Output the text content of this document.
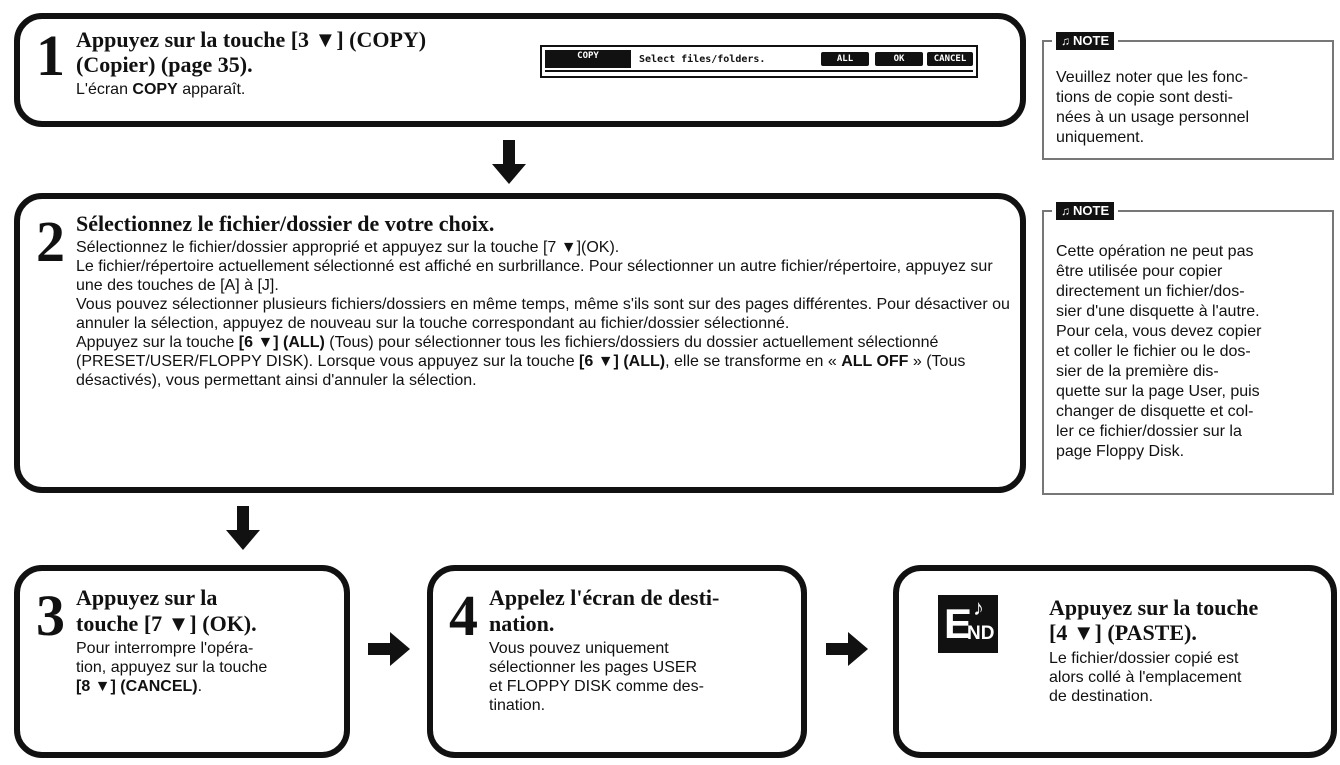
1 Appuyez sur la touche [3 ▼] (COPY)
(Copier) (page 35).
L'écran COPY apparaît.
COPY	Select files/folders.	ALL	OK	CANCEL
2 Sélectionnez le fichier/dossier de votre choix.
Sélectionnez le fichier/dossier approprié et appuyez sur la touche [7 ▼](OK).
Le fichier/répertoire actuellement sélectionné est affiché en surbrillance. Pour sélectionner un autre fichier/répertoire, appuyez sur une des touches de [A] à [J].
Vous pouvez sélectionner plusieurs fichiers/dossiers en même temps, même s'ils sont sur des pages différentes. Pour désactiver ou annuler la sélection, appuyez de nouveau sur la touche correspondant au fichier/dossier sélectionné.
Appuyez sur la touche [6 ▼] (ALL) (Tous) pour sélectionner tous les fichiers/dossiers du dossier actuellement sélectionné (PRESET/USER/FLOPPY DISK). Lorsque vous appuyez sur la touche [6 ▼] (ALL), elle se transforme en « ALL OFF » (Tous désactivés), vous permettant ainsi d'annuler la sélection.
3 Appuyez sur la
touche [7 ▼] (OK).
Pour interrompre l'opéra-
tion, appuyez sur la touche
[8 ▼] (CANCEL).
4 Appelez l'écran de desti-
nation.
Vous pouvez uniquement
sélectionner les pages USER
et FLOPPY DISK comme des-
tination.
Appuyez sur la touche
[4 ▼] (PASTE).
Le fichier/dossier copié est
alors collé à l'emplacement
de destination.
E ♪
ND
♫ NOTE
Veuillez noter que les fonc-
tions de copie sont desti-
nées à un usage personnel
uniquement.
♫ NOTE
Cette opération ne peut pas
être utilisée pour copier
directement un fichier/dos-
sier d'une disquette à l'autre.
Pour cela, vous devez copier
et coller le fichier ou le dos-
sier de la première dis-
quette sur la page User, puis
changer de disquette et col-
ler ce fichier/dossier sur la
page Floppy Disk.
